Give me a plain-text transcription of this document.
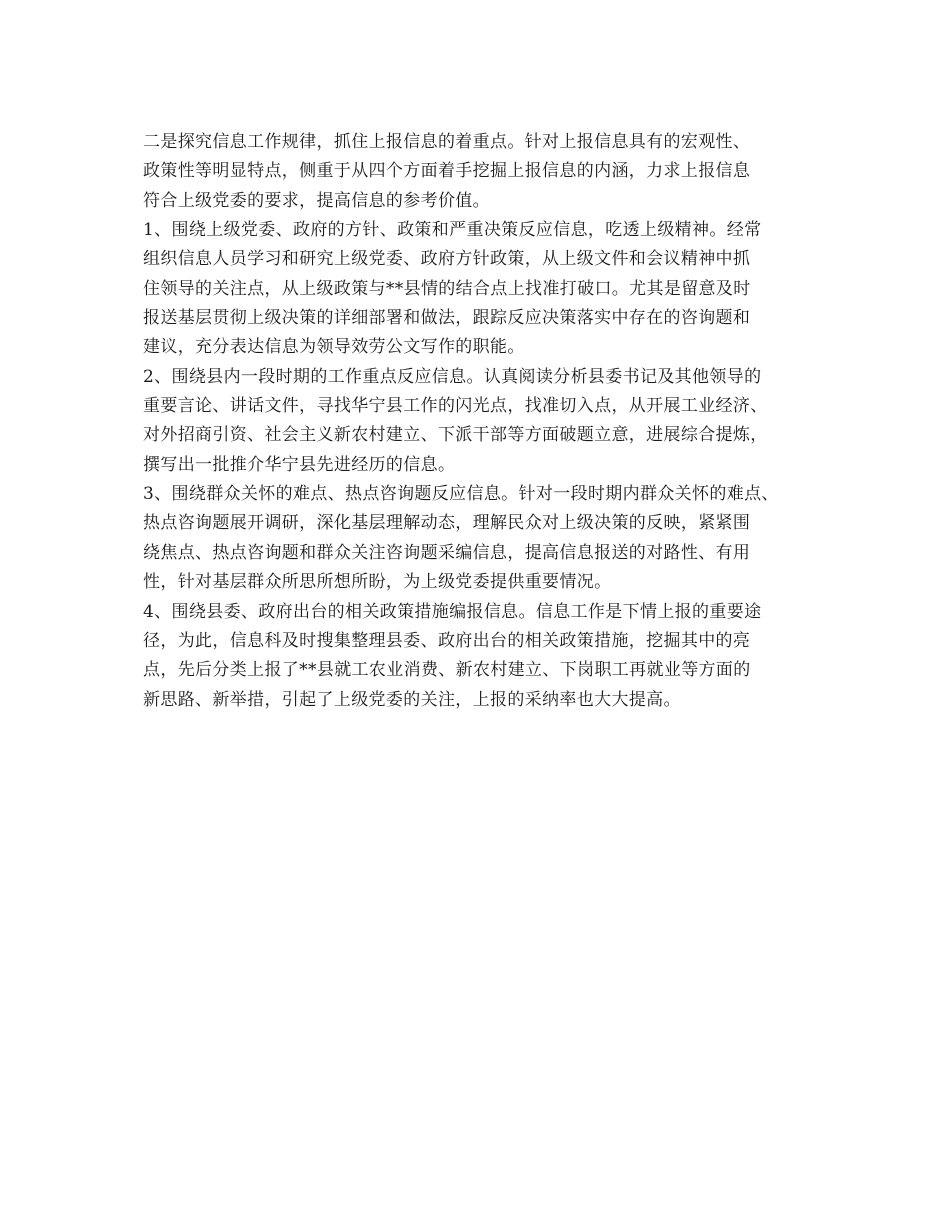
二是探究信息工作规律，抓住上报信息的着重点。针对上报信息具有的宏观性、
政策性等明显特点，侧重于从四个方面着手挖掘上报信息的内涵，力求上报信息
符合上级党委的要求，提高信息的参考价值。
1、围绕上级党委、政府的方针、政策和严重决策反应信息，吃透上级精神。经常
组织信息人员学习和研究上级党委、政府方针政策，从上级文件和会议精神中抓
住领导的关注点，从上级政策与**县情的结合点上找准打破口。尤其是留意及时
报送基层贯彻上级决策的详细部署和做法，跟踪反应决策落实中存在的咨询题和
建议，充分表达信息为领导效劳公文写作的职能。
2、围绕县内一段时期的工作重点反应信息。认真阅读分析县委书记及其他领导的
重要言论、讲话文件，寻找华宁县工作的闪光点，找准切入点，从开展工业经济、
对外招商引资、社会主义新农村建立、下派干部等方面破题立意，进展综合提炼，
撰写出一批推介华宁县先进经历的信息。
3、围绕群众关怀的难点、热点咨询题反应信息。针对一段时期内群众关怀的难点、
热点咨询题展开调研，深化基层理解动态，理解民众对上级决策的反映，紧紧围
绕焦点、热点咨询题和群众关注咨询题采编信息，提高信息报送的对路性、有用
性，针对基层群众所思所想所盼，为上级党委提供重要情况。
4、围绕县委、政府出台的相关政策措施编报信息。信息工作是下情上报的重要途
径，为此，信息科及时搜集整理县委、政府出台的相关政策措施，挖掘其中的亮
点，先后分类上报了**县就工农业消费、新农村建立、下岗职工再就业等方面的
新思路、新举措，引起了上级党委的关注，上报的采纳率也大大提高。
